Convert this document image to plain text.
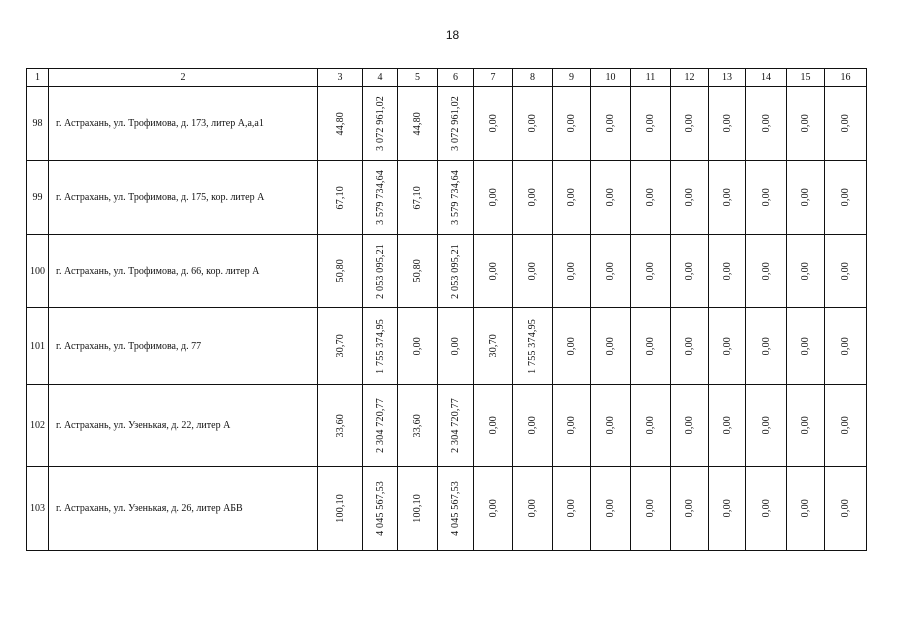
18
1	2	3	4	5	6	7	8	9	10	11	12	13	14	15	16
98	г. Астрахань, ул. Трофимова, д. 173, литер А,а,а1	44,80	3 072 961,02	44,80	3 072 961,02	0,00	0,00	0,00	0,00	0,00	0,00	0,00	0,00	0,00	0,00

99	г. Астрахань, ул. Трофимова, д. 175, кор. литер А	67,10	3 579 734,64	67,10	3 579 734,64	0,00	0,00	0,00	0,00	0,00	0,00	0,00	0,00	0,00	0,00

100	г. Астрахань, ул. Трофимова, д. 66, кор. литер А	50,80	2 053 095,21	50,80	2 053 095,21	0,00	0,00	0,00	0,00	0,00	0,00	0,00	0,00	0,00	0,00

101	г. Астрахань, ул. Трофимова, д. 77	30,70	1 755 374,95	0,00	0,00	30,70	1 755 374,95	0,00	0,00	0,00	0,00	0,00	0,00	0,00	0,00

102	г. Астрахань, ул. Узенькая, д. 22, литер А	33,60	2 304 720,77	33,60	2 304 720,77	0,00	0,00	0,00	0,00	0,00	0,00	0,00	0,00	0,00	0,00

103	г. Астрахань, ул. Узенькая, д. 26, литер АБВ	100,10	4 045 567,53	100,10	4 045 567,53	0,00	0,00	0,00	0,00	0,00	0,00	0,00	0,00	0,00	0,00
